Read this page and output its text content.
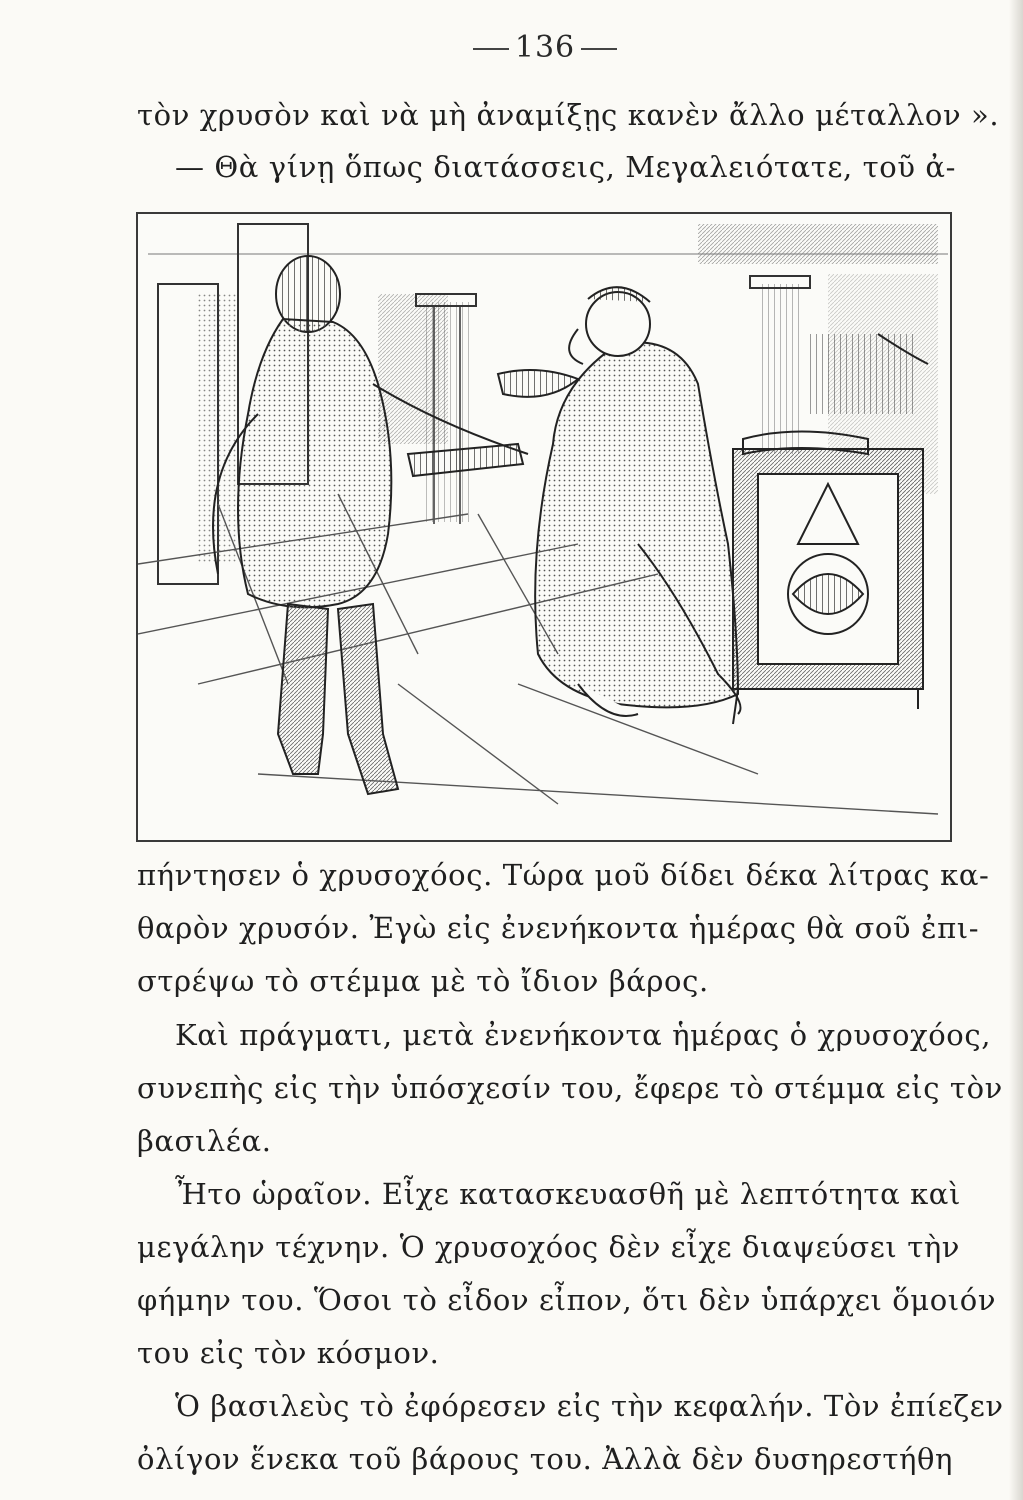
136
τὸν χρυσὸν καὶ νὰ μὴ ἀναμίξῃς κανὲν ἄλλο μέταλλον ».
— Θὰ γίνῃ ὅπως διατάσσεις, Μεγαλειότατε, τοῦ ἀ-
πήντησεν ὁ χρυσοχόος. Τώρα μοῦ δίδει δέκα λίτρας κα-
θαρὸν χρυσόν. Ἐγὼ εἰς ἐνενήκοντα ἡμέρας θὰ σοῦ ἐπι-
στρέψω τὸ στέμμα μὲ τὸ ἴδιον βάρος.
Καὶ πράγματι, μετὰ ἐνενήκοντα ἡμέρας ὁ χρυσοχόος,
συνεπὴς εἰς τὴν ὑπόσχεσίν του, ἔφερε τὸ στέμμα εἰς τὸν
βασιλέα.
Ἦτο ὡραῖον. Εἶχε κατασκευασθῆ μὲ λεπτότητα καὶ
μεγάλην τέχνην. Ὁ χρυσοχόος δὲν εἶχε διαψεύσει τὴν
φήμην του. Ὅσοι τὸ εἶδον εἶπον, ὅτι δὲν ὑπάρχει ὅμοιόν
του εἰς τὸν κόσμον.
Ὁ βασιλεὺς τὸ ἐφόρεσεν εἰς τὴν κεφαλήν. Τὸν ἐπίεζεν
ὀλίγον ἕνεκα τοῦ βάρους του. Ἀλλὰ δὲν δυσηρεστήθη
